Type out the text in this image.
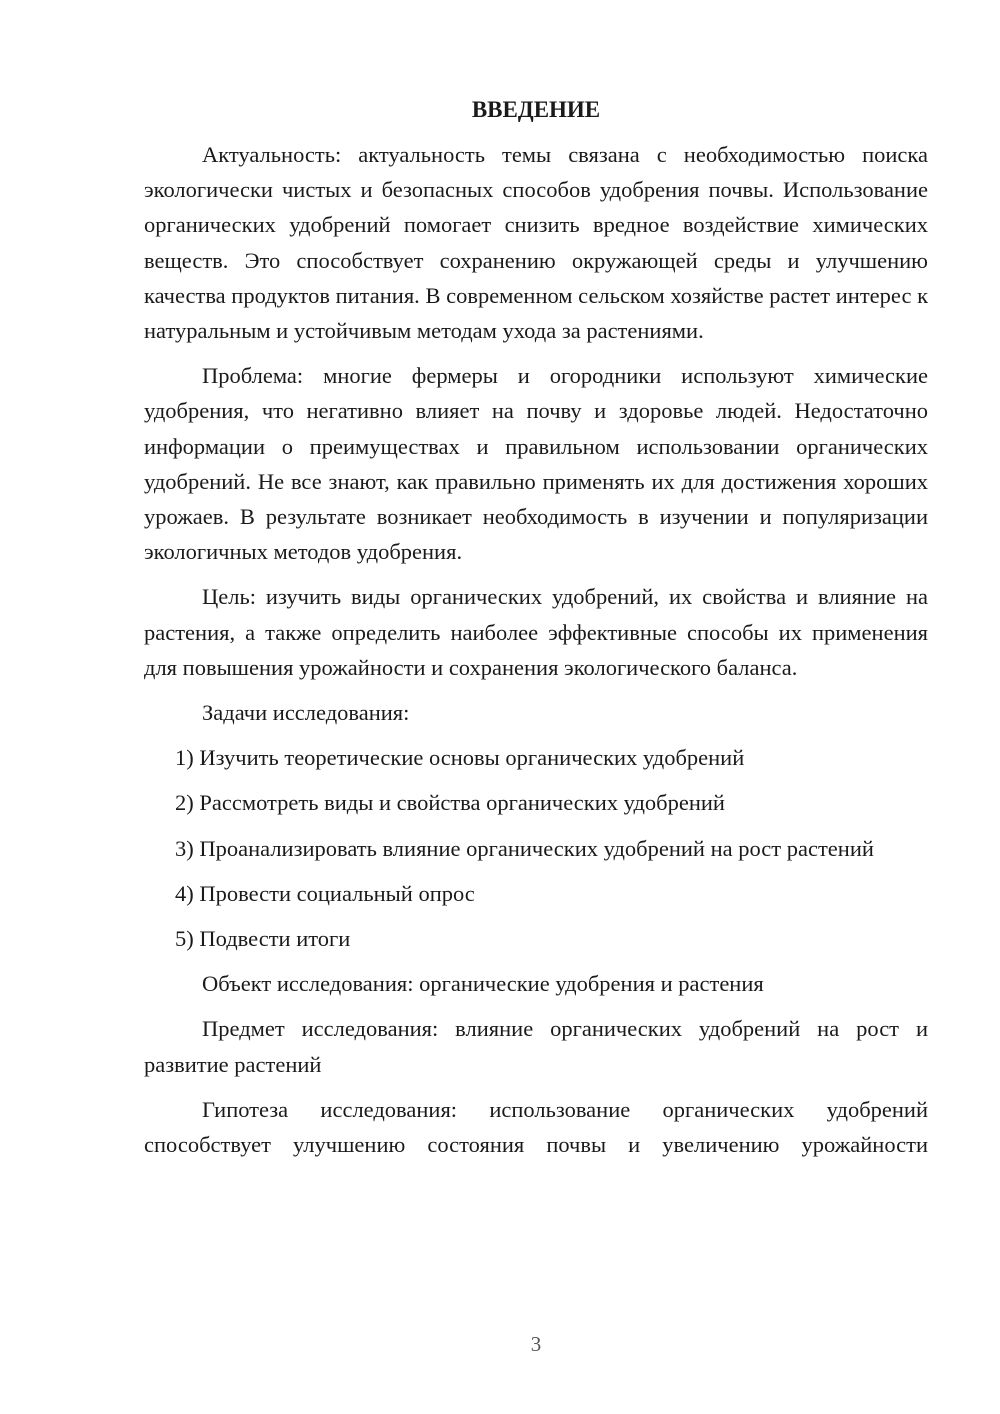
ВВЕДЕНИЕ

Актуальность: актуальность темы связана с необходимостью поиска экологически чистых и безопасных способов удобрения почвы. Использование органических удобрений помогает снизить вредное воздействие химических веществ. Это способствует сохранению окружающей среды и улучшению качества продуктов питания. В современном сельском хозяйстве растет интерес к натуральным и устойчивым методам ухода за растениями.

Проблема: многие фермеры и огородники используют химические удобрения, что негативно влияет на почву и здоровье людей. Недостаточно информации о преимуществах и правильном использовании органических удобрений. Не все знают, как правильно применять их для достижения хороших урожаев. В результате возникает необходимость в изучении и популяризации экологичных методов удобрения.

Цель: изучить виды органических удобрений, их свойства и влияние на растения, а также определить наиболее эффективные способы их применения для повышения урожайности и сохранения экологического баланса.

Задачи исследования:

1) Изучить теоретические основы органических удобрений

2) Рассмотреть виды и свойства органических удобрений

3) Проанализировать влияние органических удобрений на рост растений

4) Провести социальный опрос

5) Подвести итоги

Объект исследования: органические удобрения и растения

Предмет исследования: влияние органических удобрений на рост и развитие растений

Гипотеза исследования: использование органических удобрений способствует улучшению состояния почвы и увеличению урожайности

3
